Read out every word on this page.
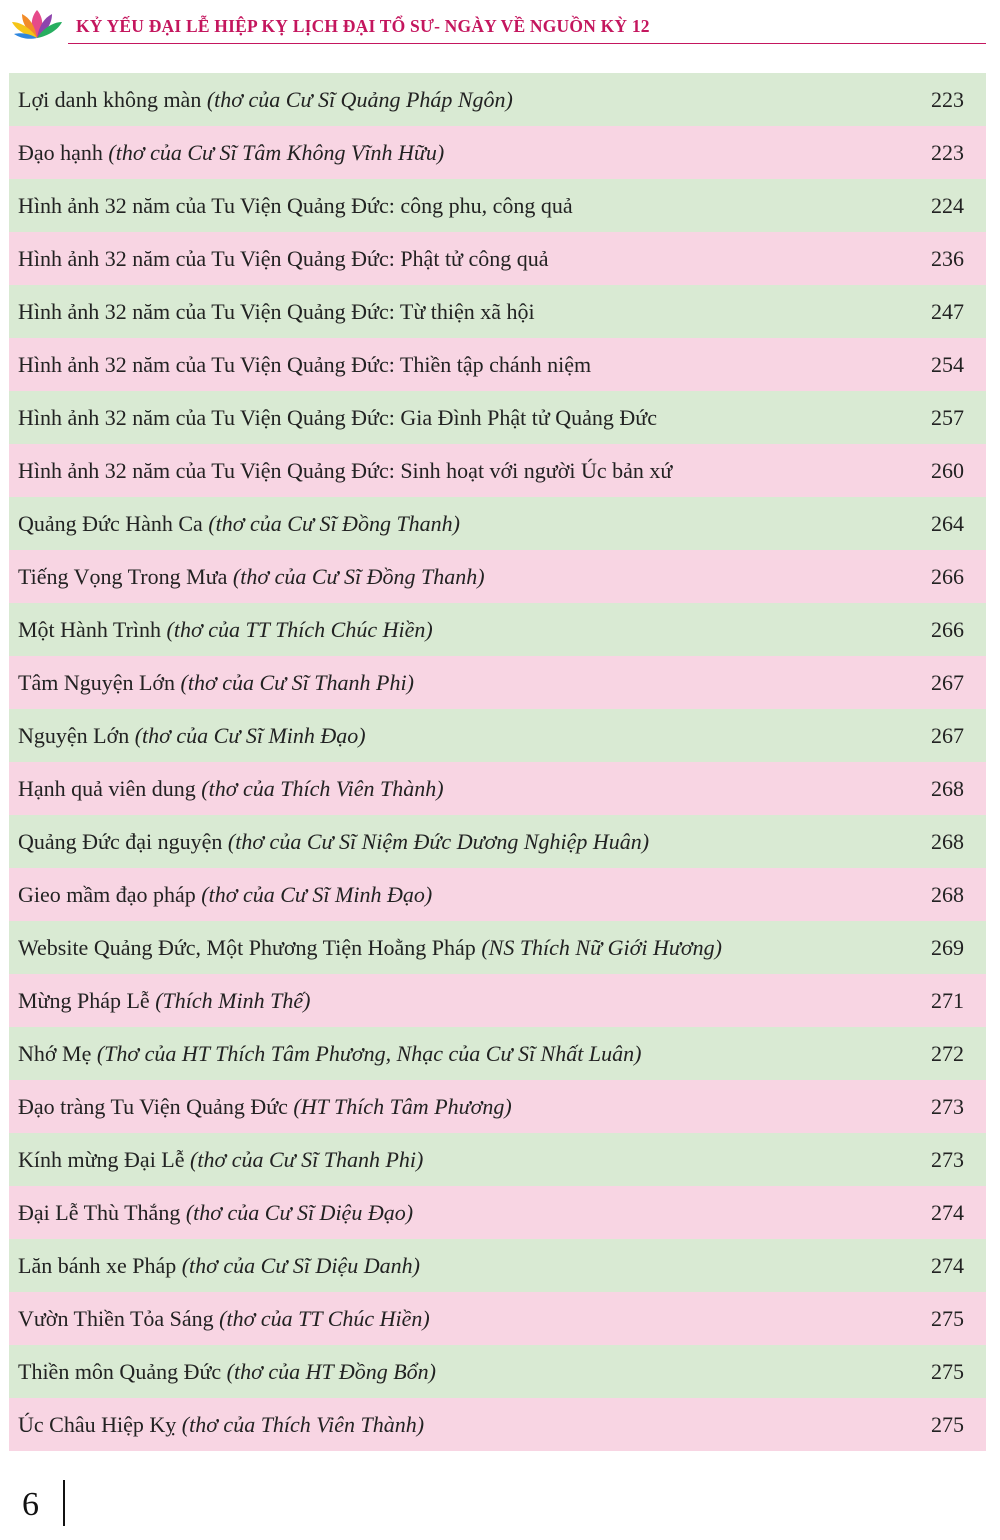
KỶ YẾU ĐẠI LỄ HIỆP KỴ LỊCH ĐẠI TỔ SƯ- NGÀY VỀ NGUỒN KỲ 12
Lợi danh không màn (thơ của Cư Sĩ Quảng Pháp Ngôn)	223
Đạo hạnh (thơ của Cư Sĩ Tâm Không Vĩnh Hữu)	223
Hình ảnh 32 năm của Tu Viện Quảng Đức: công phu, công quả	224
Hình ảnh 32 năm của Tu Viện Quảng Đức: Phật tử công quả	236
Hình ảnh 32 năm của Tu Viện Quảng Đức: Từ thiện xã hội	247
Hình ảnh 32 năm của Tu Viện Quảng Đức: Thiền tập chánh niệm	254
Hình ảnh 32 năm của Tu Viện Quảng Đức: Gia Đình Phật tử Quảng Đức	257
Hình ảnh 32 năm của Tu Viện Quảng Đức: Sinh hoạt với người Úc bản xứ	260
Quảng Đức Hành Ca (thơ của Cư Sĩ Đồng Thanh)	264
Tiếng Vọng Trong Mưa (thơ của Cư Sĩ Đồng Thanh)	266
Một Hành Trình (thơ của TT Thích Chúc Hiền)	266
Tâm Nguyện Lớn (thơ của Cư Sĩ Thanh Phi)	267
Nguyện Lớn (thơ của Cư Sĩ Minh Đạo)	267
Hạnh quả viên dung (thơ của Thích Viên Thành)	268
Quảng Đức đại nguyện (thơ của Cư Sĩ Niệm Đức Dương Nghiệp Huân)	268
Gieo mầm đạo pháp (thơ của Cư Sĩ Minh Đạo)	268
Website Quảng Đức, Một Phương Tiện Hoằng Pháp (NS Thích Nữ Giới Hương)	269
Mừng Pháp Lễ (Thích Minh Thế)	271
Nhớ Mẹ (Thơ của HT Thích Tâm Phương, Nhạc của Cư Sĩ Nhất Luân)	272
Đạo tràng Tu Viện Quảng Đức (HT Thích Tâm Phương)	273
Kính mừng Đại Lễ (thơ của Cư Sĩ Thanh Phi)	273
Đại Lễ Thù Thắng (thơ của Cư Sĩ Diệu Đạo)	274
Lăn bánh xe Pháp (thơ của Cư Sĩ Diệu Danh)	274
Vườn Thiền Tỏa Sáng (thơ của TT Chúc Hiền)	275
Thiền môn Quảng Đức (thơ của HT Đồng Bổn)	275
Úc Châu Hiệp Kỵ (thơ của Thích Viên Thành)	275
6
